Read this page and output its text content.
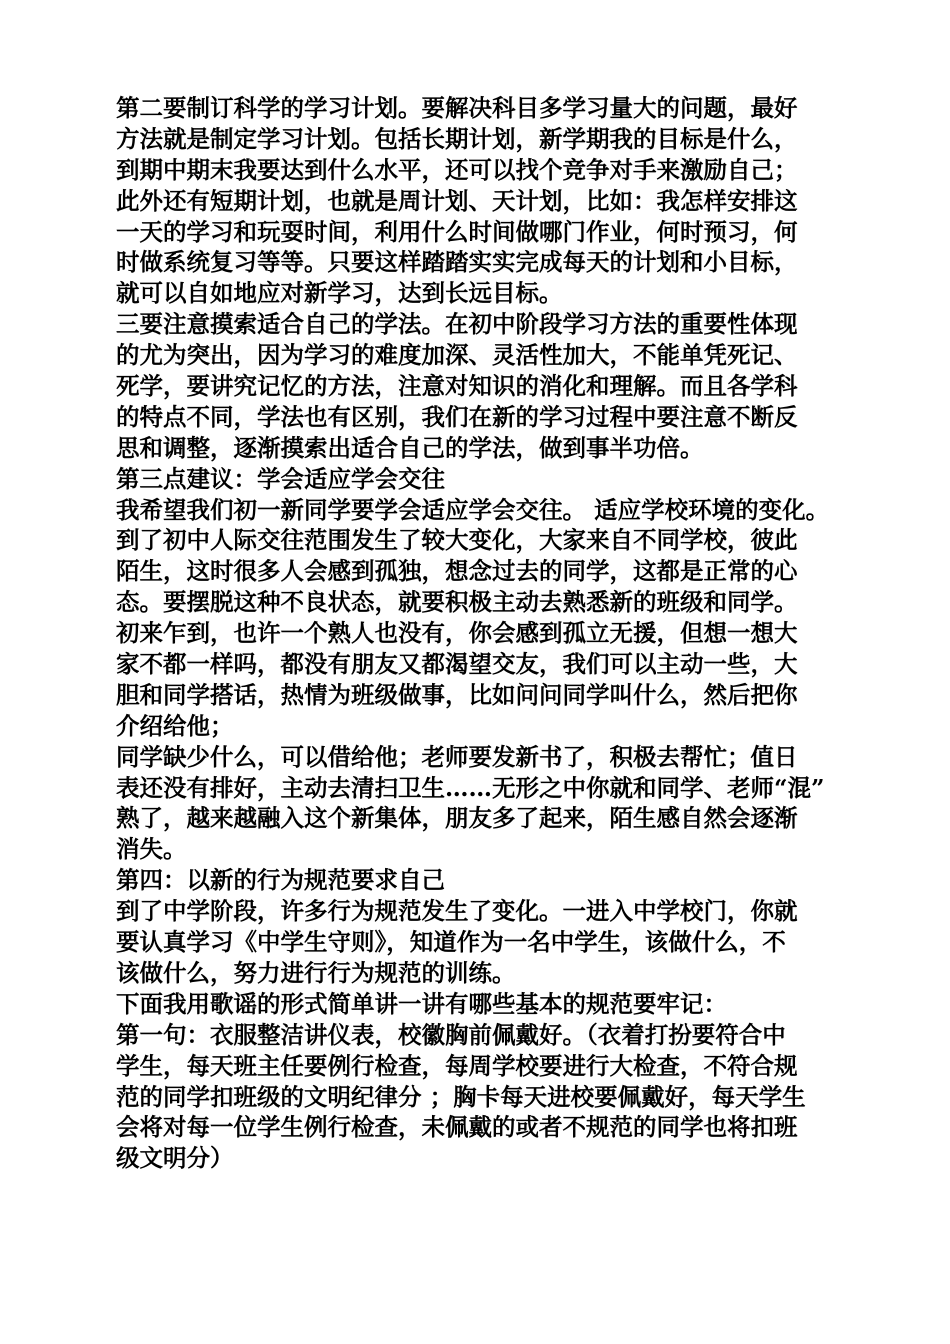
第二要制订科学的学习计划。要解决科目多学习量大的问题，最好
方法就是制定学习计划。包括长期计划，新学期我的目标是什么，
到期中期末我要达到什么水平，还可以找个竞争对手来激励自己；
此外还有短期计划，也就是周计划、天计划，比如：我怎样安排这
一天的学习和玩耍时间，利用什么时间做哪门作业，何时预习，何
时做系统复习等等。只要这样踏踏实实完成每天的计划和小目标，
就可以自如地应对新学习，达到长远目标。
三要注意摸索适合自己的学法。在初中阶段学习方法的重要性体现
的尤为突出，因为学习的难度加深、灵活性加大，不能单凭死记、
死学，要讲究记忆的方法，注意对知识的消化和理解。而且各学科
的特点不同，学法也有区别，我们在新的学习过程中要注意不断反
思和调整，逐渐摸索出适合自己的学法，做到事半功倍。
第三点建议：学会适应学会交往
我希望我们初一新同学要学会适应学会交往。 适应学校环境的变化。
到了初中人际交往范围发生了较大变化，大家来自不同学校，彼此
陌生，这时很多人会感到孤独，想念过去的同学，这都是正常的心
态。要摆脱这种不良状态，就要积极主动去熟悉新的班级和同学。
初来乍到，也许一个熟人也没有，你会感到孤立无援，但想一想大
家不都一样吗，都没有朋友又都渴望交友，我们可以主动一些，大
胆和同学搭话，热情为班级做事，比如问问同学叫什么，然后把你
介绍给他；
同学缺少什么，可以借给他；老师要发新书了，积极去帮忙；值日
表还没有排好，主动去清扫卫生……无形之中你就和同学、老师“混”
熟了，越来越融入这个新集体，朋友多了起来，陌生感自然会逐渐
消失。
第四：以新的行为规范要求自己
到了中学阶段，许多行为规范发生了变化。一进入中学校门，你就
要认真学习《中学生守则》，知道作为一名中学生，该做什么，不
该做什么，努力进行行为规范的训练。
下面我用歌谣的形式简单讲一讲有哪些基本的规范要牢记：
第一句：衣服整洁讲仪表，校徽胸前佩戴好。（衣着打扮要符合中
学生，每天班主任要例行检查，每周学校要进行大检查，不符合规
范的同学扣班级的文明纪律分 ；胸卡每天进校要佩戴好，每天学生
会将对每一位学生例行检查，未佩戴的或者不规范的同学也将扣班
级文明分）
